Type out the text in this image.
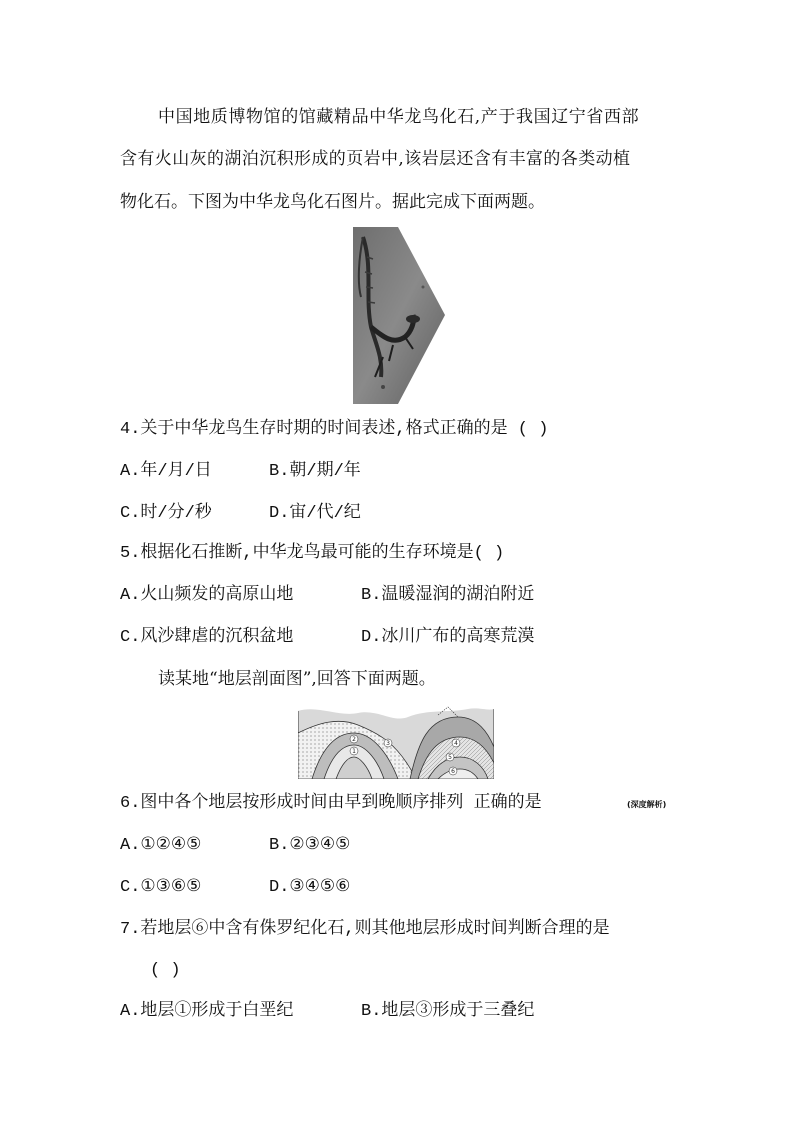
中国地质博物馆的馆藏精品中华龙鸟化石,产于我国辽宁省西部
含有火山灰的湖泊沉积形成的页岩中,该岩层还含有丰富的各类动植
物化石。下图为中华龙鸟化石图片。据此完成下面两题。
4.关于中华龙鸟生存时期的时间表述,格式正确的是 ( )
A.年/月/日	B.朝/期/年
C.时/分/秒	D.宙/代/纪
5.根据化石推断,中华龙鸟最可能的生存环境是( )
A.火山频发的高原山地	B.温暖湿润的湖泊附近
C.风沙肆虐的沉积盆地	D.冰川广布的高寒荒漠
读某地“地层剖面图”,回答下面两题。
1
2
3	4
5
6
6.图中各个地层按形成时间由早到晚顺序排列 正确的是	(深度解析)
A.①②④⑤	B.②③④⑤
C.①③⑥⑤	D.③④⑤⑥
7.若地层⑥中含有侏罗纪化石,则其他地层形成时间判断合理的是
( )
A.地层①形成于白垩纪	B.地层③形成于三叠纪
